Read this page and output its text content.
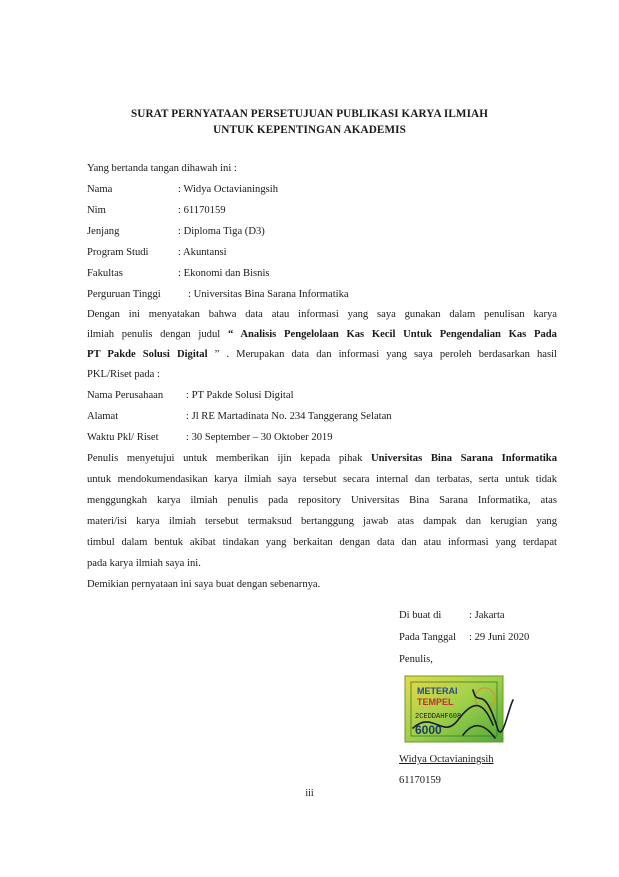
SURAT PERNYATAAN PERSETUJUAN PUBLIKASI KARYA ILMIAH
UNTUK KEPENTINGAN AKADEMIS
Yang bertanda tangan dihawah ini :
Nama	: Widya Octavianingsih
Nim	: 61170159
Jenjang	: Diploma Tiga (D3)
Program Studi	: Akuntansi
Fakultas	: Ekonomi dan Bisnis
Perguruan Tinggi	: Universitas Bina Sarana Informatika
Dengan ini menyatakan bahwa data atau informasi yang saya gunakan dalam penulisan karya
ilmiah penulis dengan judul “ Analisis Pengelolaan Kas Kecil Untuk Pengendalian Kas Pada
PT Pakde Solusi Digital ” . Merupakan data dan informasi yang saya peroleh berdasarkan hasil
PKL/Riset pada :
Nama Perusahaan : PT Pakde Solusi Digital
Alamat	: Jl RE Martadinata No. 234 Tanggerang Selatan
Waktu Pkl/ Riset	: 30 September – 30 Oktober 2019
Penulis menyetujui untuk memberikan ijin kepada pihak Universitas Bina Sarana Informatika
untuk mendokumendasikan karya ilmiah saya tersebut secara internal dan terbatas, serta untuk tidak
menggungkah karya ilmiah penulis pada repository Universitas Bina Sarana Informatika, atas
materi/isi karya ilmiah tersebut termaksud bertanggung jawab atas dampak dan kerugian yang
timbul dalam bentuk akibat tindakan yang berkaitan dengan data dan atau informasi yang terdapat
pada karya ilmiah saya ini.
Demikian pernyataan ini saya buat dengan sebenarnya.
Di buat di	: Jakarta
Pada Tanggal : 29 Juni 2020
Penulis,
METERAI
TEMPEL
2CEDDAHF608
6000
Widya Octavianingsih
61170159
iii
